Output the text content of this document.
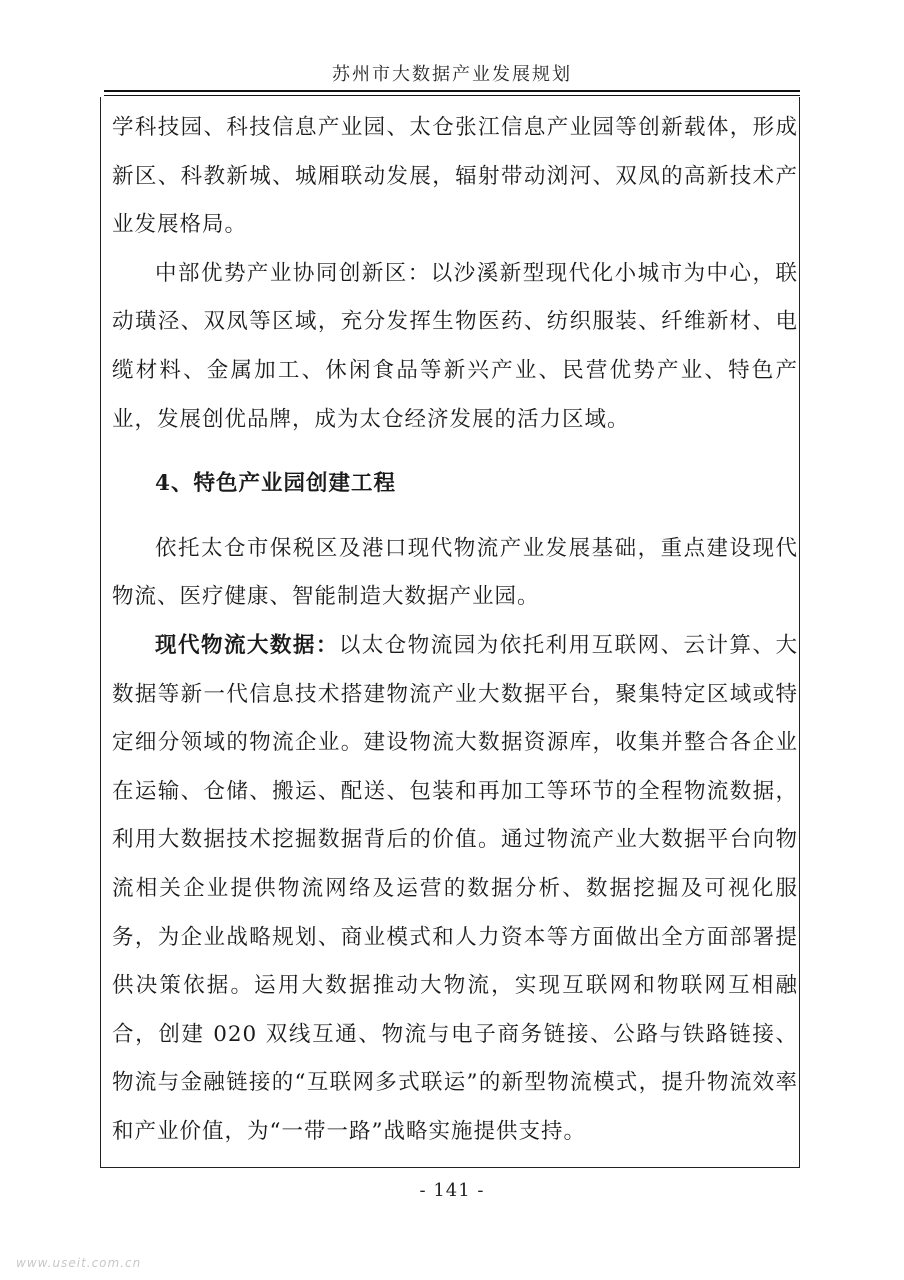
苏州市大数据产业发展规划

学科技园、科技信息产业园、太仓张江信息产业园等创新载体，形成新区、科教新城、城厢联动发展，辐射带动浏河、双凤的高新技术产业发展格局。

中部优势产业协同创新区：以沙溪新型现代化小城市为中心，联动璜泾、双凤等区域，充分发挥生物医药、纺织服装、纤维新材、电缆材料、金属加工、休闲食品等新兴产业、民营优势产业、特色产业，发展创优品牌，成为太仓经济发展的活力区域。

4、特色产业园创建工程

依托太仓市保税区及港口现代物流产业发展基础，重点建设现代物流、医疗健康、智能制造大数据产业园。

现代物流大数据：以太仓物流园为依托利用互联网、云计算、大数据等新一代信息技术搭建物流产业大数据平台，聚集特定区域或特定细分领域的物流企业。建设物流大数据资源库，收集并整合各企业在运输、仓储、搬运、配送、包装和再加工等环节的全程物流数据，利用大数据技术挖掘数据背后的价值。通过物流产业大数据平台向物流相关企业提供物流网络及运营的数据分析、数据挖掘及可视化服务，为企业战略规划、商业模式和人力资本等方面做出全方面部署提供决策依据。运用大数据推动大物流，实现互联网和物联网互相融合，创建 020 双线互通、物流与电子商务链接、公路与铁路链接、物流与金融链接的“互联网多式联运”的新型物流模式，提升物流效率和产业价值，为“一带一路”战略实施提供支持。

- 141 -
www.useit.com.cn
